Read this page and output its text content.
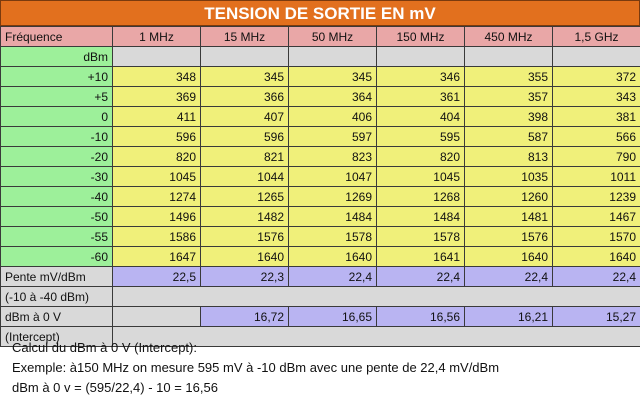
TENSION DE SORTIE EN mV
Fréquence	1 MHz	15 MHz	50 MHz	150 MHz	450 MHz	1,5 GHz
dBm						
+10	348	345	345	346	355	372
+5	369	366	364	361	357	343
0	411	407	406	404	398	381
-10	596	596	597	595	587	566
-20	820	821	823	820	813	790
-30	1045	1044	1047	1045	1035	1011
-40	1274	1265	1269	1268	1260	1239
-50	1496	1482	1484	1484	1481	1467
-55	1586	1576	1578	1578	1576	1570
-60	1647	1640	1640	1641	1640	1640
Pente mV/dBm	22,5	22,3	22,4	22,4	22,4	22,4
(-10 à -40 dBm)						
dBm à 0 V		16,72	16,65	16,56	16,21	15,27
(Intercept)						
Calcul du dBm à 0 V (Intercept):
Exemple: à150 MHz on mesure 595 mV à -10 dBm avec une pente de 22,4 mV/dBm
dBm à 0 v = (595/22,4) - 10 = 16,56
